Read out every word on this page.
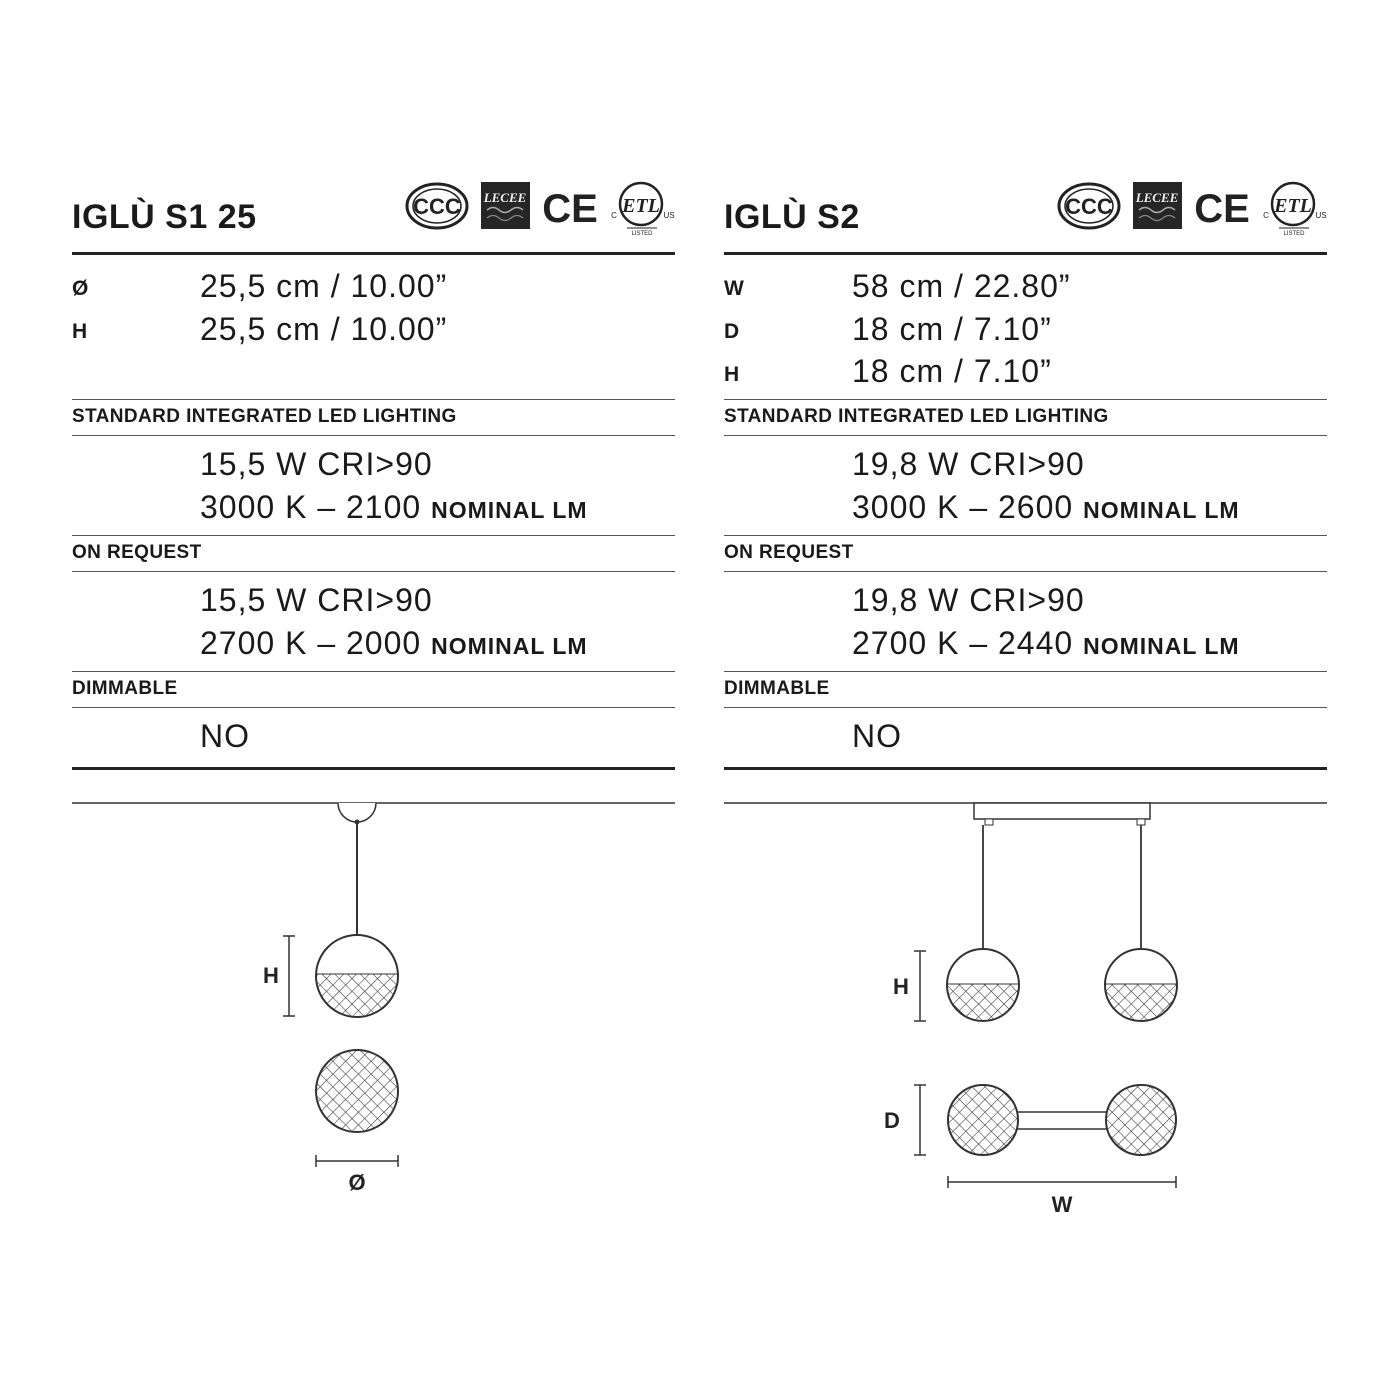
IGLÙ S1 25	CCC LECEE CE ETL
C	US
LISTED
Ø	25,5 cm / 10.00”
H	25,5 cm / 10.00”
STANDARD INTEGRATED LED LIGHTING
15,5 W CRI>90
3000 K – 2100 NOMINAL LM
ON REQUEST
15,5 W CRI>90
2700 K – 2000 NOMINAL LM
DIMMABLE
NO
H
Ø
IGLÙ S2	CCC LECEE CE ETL
C	US
LISTED
W	58 cm / 22.80”
D	18 cm / 7.10”
H	18 cm / 7.10”
STANDARD INTEGRATED LED LIGHTING
19,8 W CRI>90
3000 K – 2600 NOMINAL LM
ON REQUEST
19,8 W CRI>90
2700 K – 2440 NOMINAL LM
DIMMABLE
NO
H
D
W
